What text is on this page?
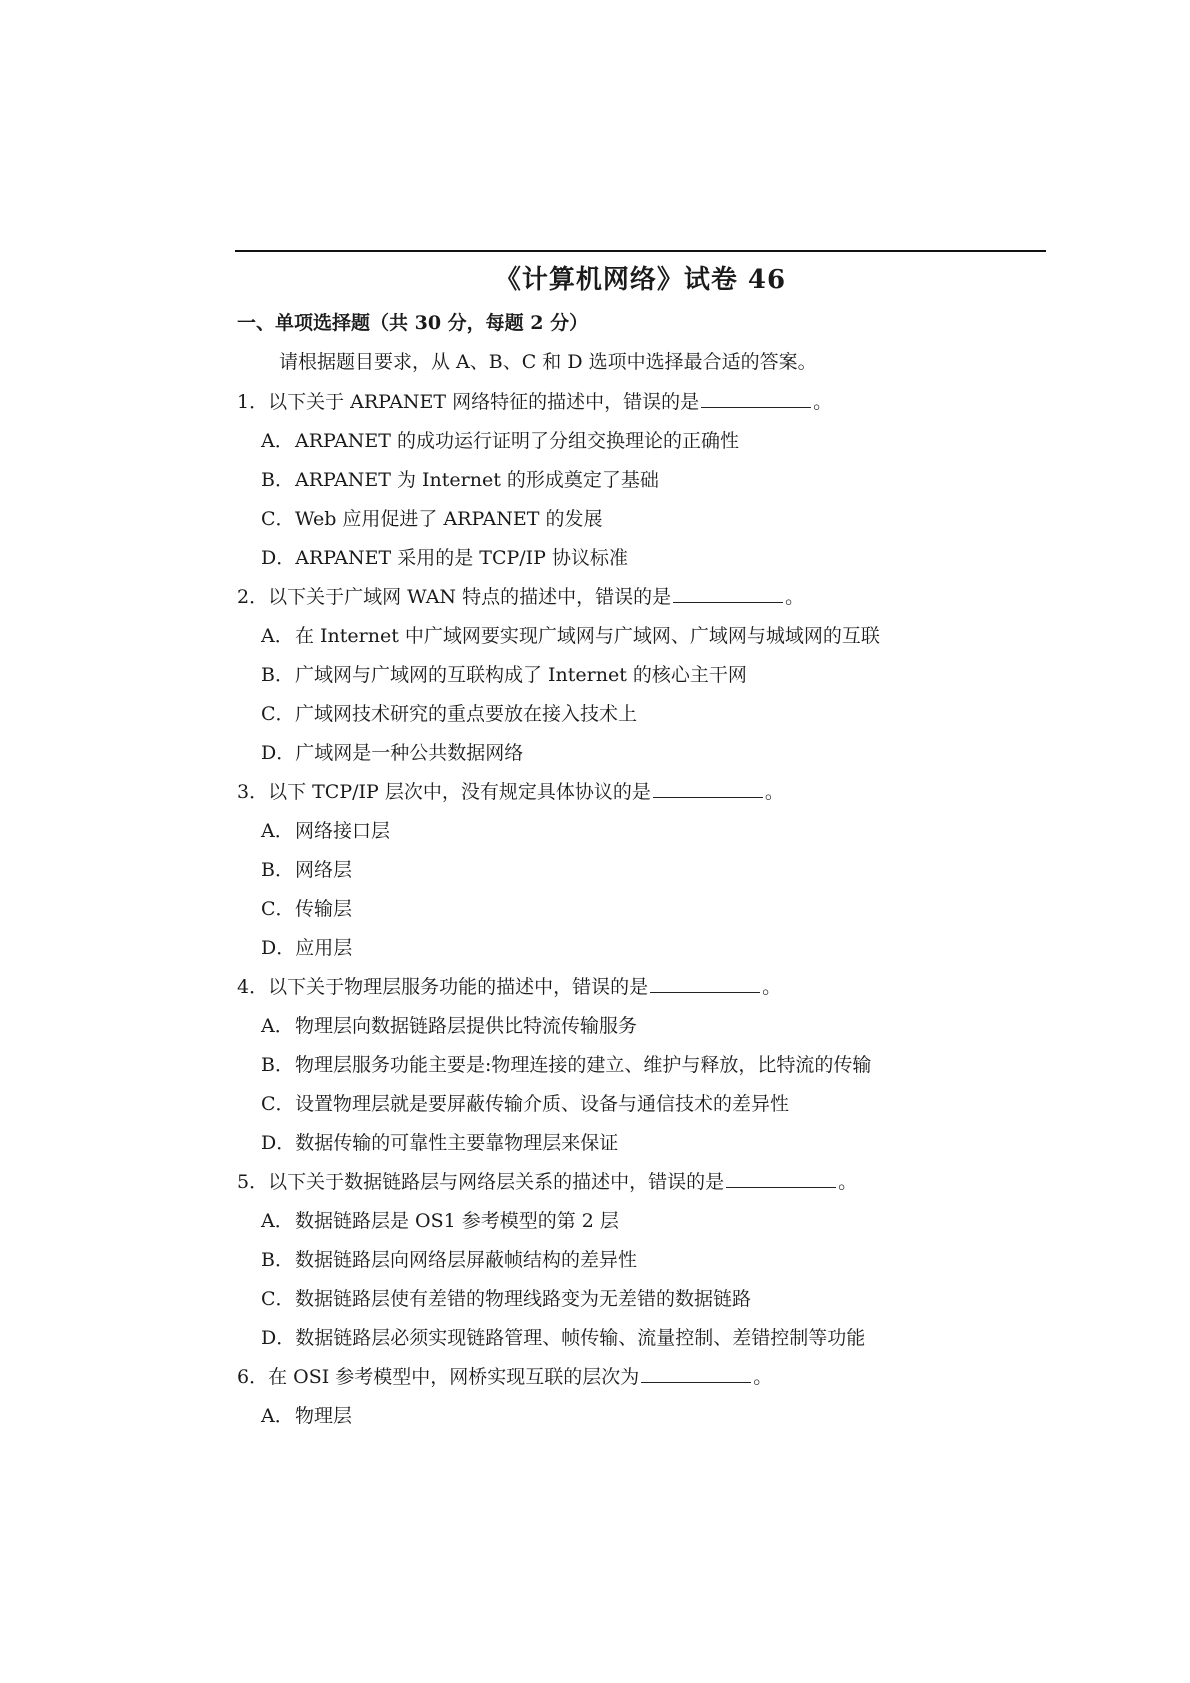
《计算机网络》试卷 46
一、单项选择题（共 30 分，每题 2 分）
请根据题目要求，从 A、B、C 和 D 选项中选择最合适的答案。
1．以下关于 ARPANET 网络特征的描述中，错误的是	。
A．ARPANET 的成功运行证明了分组交换理论的正确性
B．ARPANET 为 Internet 的形成奠定了基础
C．Web 应用促进了 ARPANET 的发展
D．ARPANET 采用的是 TCP/IP 协议标准
2．以下关于广域网 WAN 特点的描述中，错误的是	。
A．在 Internet 中广域网要实现广域网与广域网、广域网与城域网的互联
B．广域网与广域网的互联构成了 Internet 的核心主干网
C．广域网技术研究的重点要放在接入技术上
D．广域网是一种公共数据网络
3．以下 TCP/IP 层次中，没有规定具体协议的是	。
A．网络接口层
B．网络层
C．传输层
D．应用层
4．以下关于物理层服务功能的描述中，错误的是	。
A．物理层向数据链路层提供比特流传输服务
B．物理层服务功能主要是:物理连接的建立、维护与释放，比特流的传输
C．设置物理层就是要屏蔽传输介质、设备与通信技术的差异性
D．数据传输的可靠性主要靠物理层来保证
5．以下关于数据链路层与网络层关系的描述中，错误的是	。
A．数据链路层是 OS1 参考模型的第 2 层
B．数据链路层向网络层屏蔽帧结构的差异性
C．数据链路层使有差错的物理线路变为无差错的数据链路
D．数据链路层必须实现链路管理、帧传输、流量控制、差错控制等功能
6．在 OSI 参考模型中，网桥实现互联的层次为	。
A．物理层
